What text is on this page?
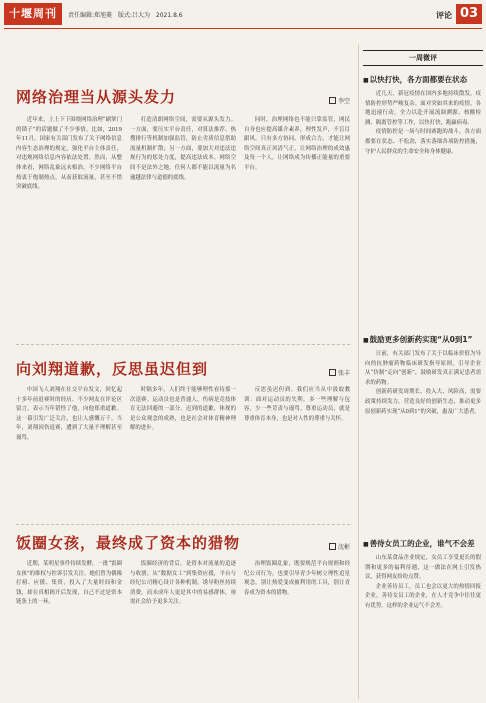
十堰周刊	责任编辑:郑旭菱 版式:吕大为 2021.8.6	评论 03
网络治理当从源头发力	李空

近年来，上上下下围绕网络治理“刷掌门的锁子”的话题做了不少事情。比如，2019年11月，国家有关部门发布了关于网络信息内容生态治理的规定，强化平台主体责任，对违规网络信息内容依法处置。然而，从整体来看，网络乱象远未根治，不少网络平台热衷于炮制热点，从而获取流量，甚至不惜突破底线。

打造清朗网络空间，需要从源头发力。一方面，要压实平台责任，对算法推荐、热搜排行等机制加强监管，防止劣质信息借助流量机制扩散；另一方面，要加大对违法违规行为的惩处力度，提高违法成本。网络空间不是法外之地，任何人都不能以流量为名逾越法律与道德的底线。

同时，治理网络也不能只靠监管，网民自身也应提高媒介素养，理性发声，不盲目跟风。只有多方协同、形成合力，才能让网络空间真正风清气正，让网络治理的成效惠及每一个人，让网络成为传播正能量的重要平台。

向刘翔道歉，反思虽迟但到	张丰

中国飞人刘翔在社交平台发文，回忆起十多年前退赛时的经历。不少网友在评论区留言，表示当年错怪了他，向他郑重道歉。这一幕引发广泛关注，也让人感慨万千。当年，刘翔因伤退赛，遭到了大量不理解甚至谩骂。

时隔多年，人们终于能够理性看待那一次退赛。运动员也是普通人，伤病是竞技体育无法回避的一部分。迟到的道歉，体现的是公众观念的成熟，也是社会对体育精神理解的进步。

反思虽迟但到。我们应当从中汲取教训：面对运动员的失利，多一些理解与包容，少一些苛责与谩骂。尊重运动员，就是尊重体育本身，也是对人性的尊重与关怀。

饭圈女孩，最终成了资本的猎物	沈彬

近期，某明星事件持续发酵，一批“饭圈女孩”的维权与控诉引发关注。她们曾为偶像打榜、应援、集资，投入了大量时间和金钱，却在真相揭开后发现，自己不过是资本链条上的一环。

饭圈经济的背后，是资本对流量的追逐与收割。从“数据女工”到集资应援，平台与经纪公司精心设计各种机制，诱导粉丝持续消费，而未成年人更是其中的易感群体，亟需社会给予更多关注。

治理饭圈乱象，既要规范平台规则和经纪公司行为，也要引导青少年树立理性追星观念。别让热爱变成被利用的工具，别让青春成为资本的猎物。

一周微评
■ 以快打快，各方面都要在状态

近几天，新冠疫情在国内多地持续散发，疫情防控形势严峻复杂。面对突如其来的疫情，各地迅速行动，全力以赴开展流调溯源、核酸检测、隔离管控等工作，以快打快，跑赢病毒。

疫情防控是一场与时间赛跑的战斗，各方面都要在状态、不松劲，落实落细各项防控措施，守护人民群众的生命安全和身体健康。

■ 鼓励更多创新药实现“从0到1”

日前，有关部门发布了关于以临床价值为导向的抗肿瘤药物临床研发指导原则，引导企业从“仿制”走向“创新”，鼓励研发真正满足患者需求的药物。

创新药研发周期长、投入大、风险高，需要政策持续发力，营造良好的创新生态，推动更多原创新药实现“从0到1”的突破，惠及广大患者。

■ 善待女员工的企业，谁气不会差

山东某食品企业规定，女员工享受更长的假期和更多的福利待遇，这一做法在网上引发热议，获得网友纷纷点赞。

企业善待员工，员工也会以更大的热情回报企业。善待女员工的企业，在人才竞争中往往更有优势，这样的企业运气不会差。
